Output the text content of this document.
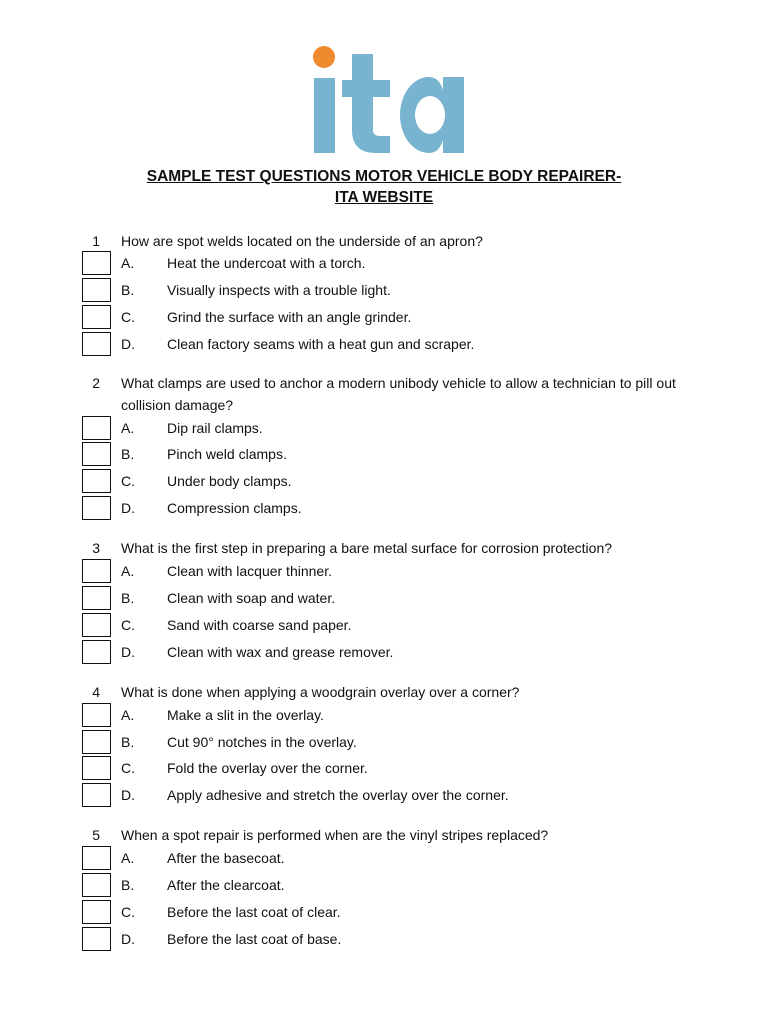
SAMPLE TEST QUESTIONS MOTOR VEHICLE BODY REPAIRER-
ITA WEBSITE
1 How are spot welds located on the underside of an apron?
A. Heat the undercoat with a torch.
B. Visually inspects with a trouble light.
C. Grind the surface with an angle grinder.
D. Clean factory seams with a heat gun and scraper.
2 What clamps are used to anchor a modern unibody vehicle to allow a technician to pill out collision damage?
A. Dip rail clamps.
B. Pinch weld clamps.
C. Under body clamps.
D. Compression clamps.
3 What is the first step in preparing a bare metal surface for corrosion protection?
A. Clean with lacquer thinner.
B. Clean with soap and water.
C. Sand with coarse sand paper.
D. Clean with wax and grease remover.
4 What is done when applying a woodgrain overlay over a corner?
A. Make a slit in the overlay.
B. Cut 90° notches in the overlay.
C. Fold the overlay over the corner.
D. Apply adhesive and stretch the overlay over the corner.
5 When a spot repair is performed when are the vinyl stripes replaced?
A. After the basecoat.
B. After the clearcoat.
C. Before the last coat of clear.
D. Before the last coat of base.
